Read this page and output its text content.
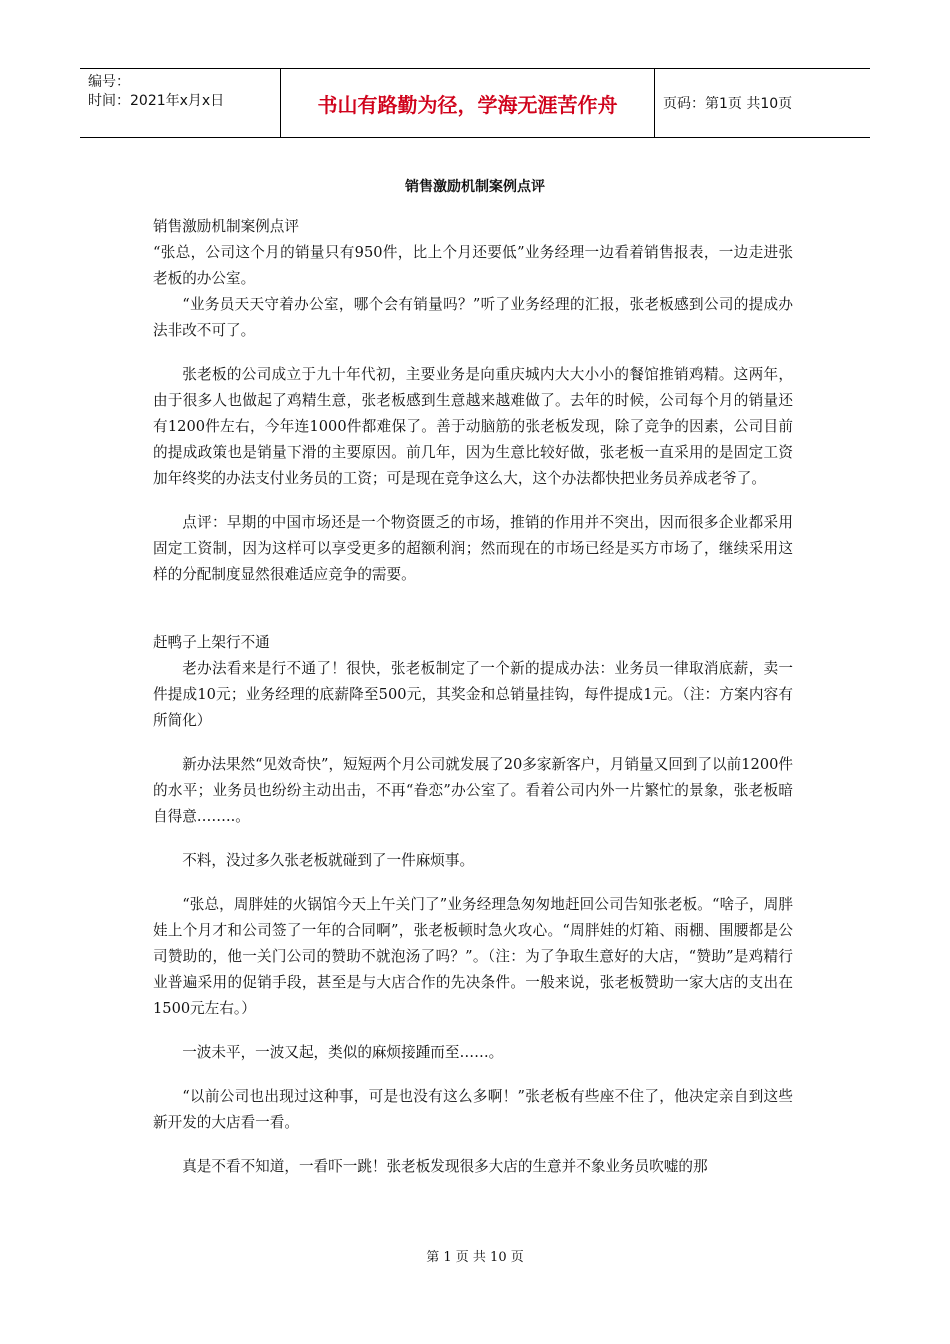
编号：
时间：2021年x月x日	书山有路勤为径，学海无涯苦作舟	页码：第1页 共10页
销售激励机制案例点评

销售激励机制案例点评

“张总，公司这个月的销量只有950件，比上个月还要低”业务经理一边看着销售报表，一边走进张老板的办公室。

“业务员天天守着办公室，哪个会有销量吗？”听了业务经理的汇报，张老板感到公司的提成办法非改不可了。

张老板的公司成立于九十年代初，主要业务是向重庆城内大大小小的餐馆推销鸡精。这两年，由于很多人也做起了鸡精生意，张老板感到生意越来越难做了。去年的时候，公司每个月的销量还有1200件左右，今年连1000件都难保了。善于动脑筋的张老板发现，除了竞争的因素，公司目前的提成政策也是销量下滑的主要原因。前几年，因为生意比较好做，张老板一直采用的是固定工资加年终奖的办法支付业务员的工资；可是现在竞争这么大，这个办法都快把业务员养成老爷了。

点评：早期的中国市场还是一个物资匮乏的市场，推销的作用并不突出，因而很多企业都采用固定工资制，因为这样可以享受更多的超额利润；然而现在的市场已经是买方市场了，继续采用这样的分配制度显然很难适应竞争的需要。

赶鸭子上架行不通

老办法看来是行不通了！很快，张老板制定了一个新的提成办法：业务员一律取消底薪，卖一件提成10元；业务经理的底薪降至500元，其奖金和总销量挂钩，每件提成1元。（注：方案内容有所简化）

新办法果然“见效奇快”，短短两个月公司就发展了20多家新客户，月销量又回到了以前1200件的水平；业务员也纷纷主动出击，不再“眷恋”办公室了。看着公司内外一片繁忙的景象，张老板暗自得意……..。

不料，没过多久张老板就碰到了一件麻烦事。

“张总，周胖娃的火锅馆今天上午关门了”业务经理急匆匆地赶回公司告知张老板。“啥子，周胖娃上个月才和公司签了一年的合同啊”，张老板顿时急火攻心。“周胖娃的灯箱、雨棚、围腰都是公司赞助的，他一关门公司的赞助不就泡汤了吗？”。（注：为了争取生意好的大店，“赞助”是鸡精行业普遍采用的促销手段，甚至是与大店合作的先决条件。一般来说，张老板赞助一家大店的支出在1500元左右。）

一波未平，一波又起，类似的麻烦接踵而至……。

“以前公司也出现过这种事，可是也没有这么多啊！”张老板有些座不住了，他决定亲自到这些新开发的大店看一看。

真是不看不知道，一看吓一跳！张老板发现很多大店的生意并不象业务员吹嘘的那

第 1 页 共 10 页
